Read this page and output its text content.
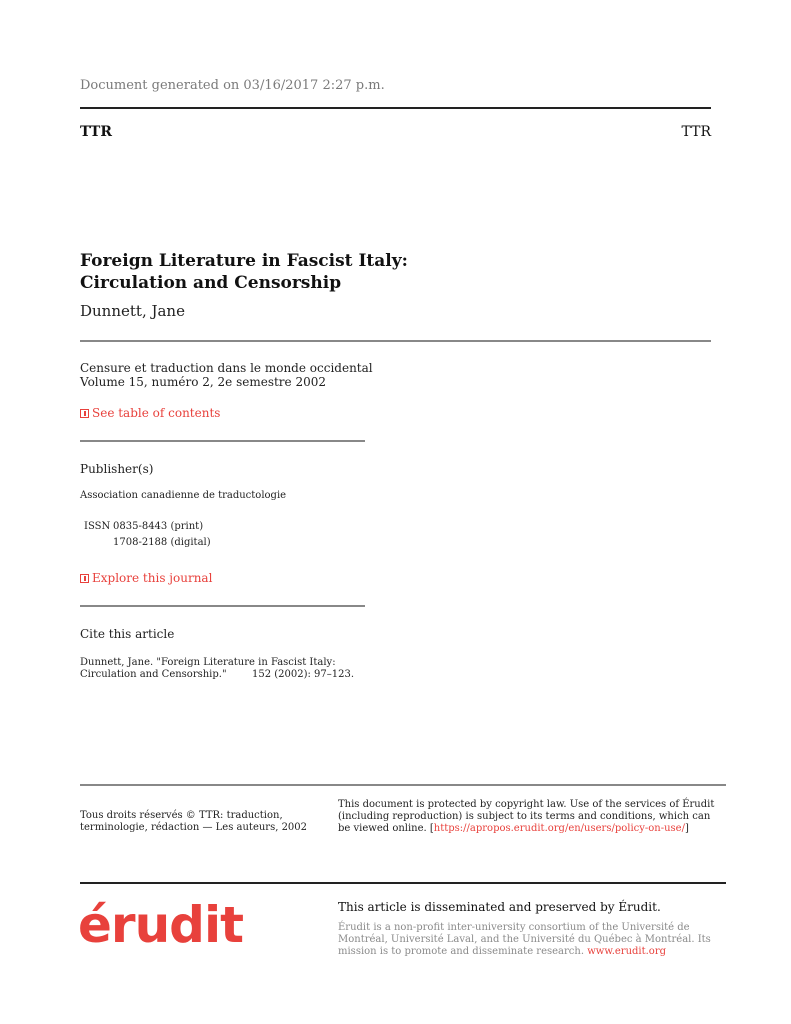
Document generated on 03/16/2017 2:27 p.m.
TTR	TTR
Foreign Literature in Fascist Italy: Circulation and Censorship
Dunnett, Jane
Censure et traduction dans le monde occidental
Volume 15, numéro 2, 2e semestre 2002
See table of contents
Publisher(s)
Association canadienne de traductologie
ISSN 0835-8443 (print)
1708-2188 (digital)
Explore this journal
Cite this article
Dunnett, Jane. "Foreign Literature in Fascist Italy: Circulation and Censorship."        152 (2002): 97–123.
Tous droits réservés © TTR: traduction, terminologie, rédaction — Les auteurs, 2002
This document is protected by copyright law. Use of the services of Érudit (including reproduction) is subject to its terms and conditions, which can be viewed online. [https://apropos.erudit.org/en/users/policy-on-use/]
érudit	This article is disseminated and preserved by Érudit.
Érudit is a non-profit inter-university consortium of the Université de Montréal, Université Laval, and the Université du Québec à Montréal. Its mission is to promote and disseminate research. www.erudit.org
